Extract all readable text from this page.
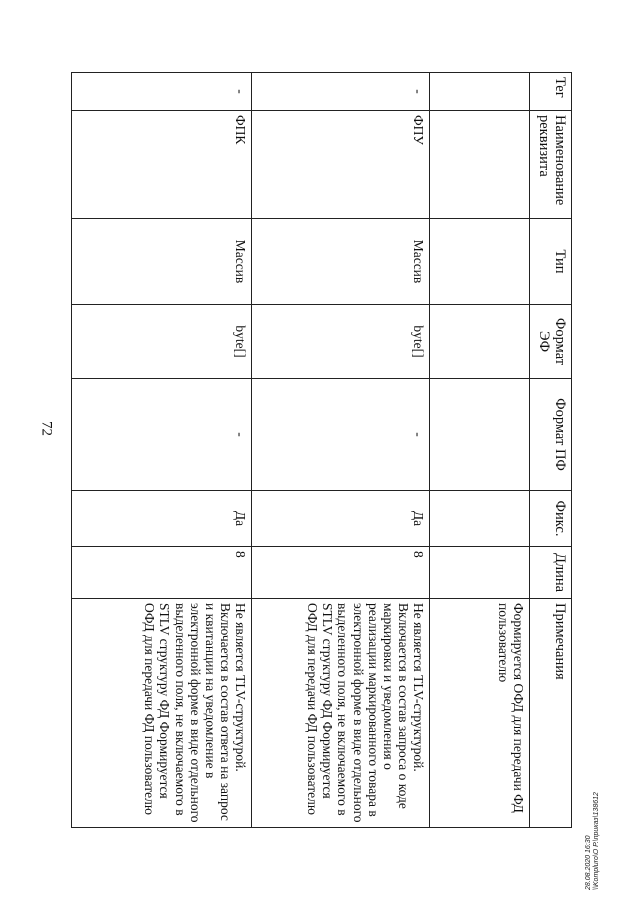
72
Тег	Наименование реквизита	Тип	Формат ЭФ	Формат ПФ	Фикс.	Длина	Примечания
							Формируется ОФД для передачи ФД пользователю
-	ФПУ	Массив	byte[]	-	Да	8	Не является TLV-структурой. Включается в состав запроса о коде маркировки и уведомления о реализации маркированного товара в электронной форме в виде отдельного выделенного поля, не включаемого в STLV структуру ФД Формируется ОФД для передачи ФД пользователю
-	ФПК	Массив	byte[]	-	Да	8	Не является TLV-структурой. Включается в состав ответа на запрос и квитанции на уведомление в электронной форме в виде отдельного выделенного поля, не включаемого в STLV структуру ФД Формируется ОФД для передачи ФД пользователю
28.08.2020 16:30 \\Kompluro\О Р.\приказ\138612
